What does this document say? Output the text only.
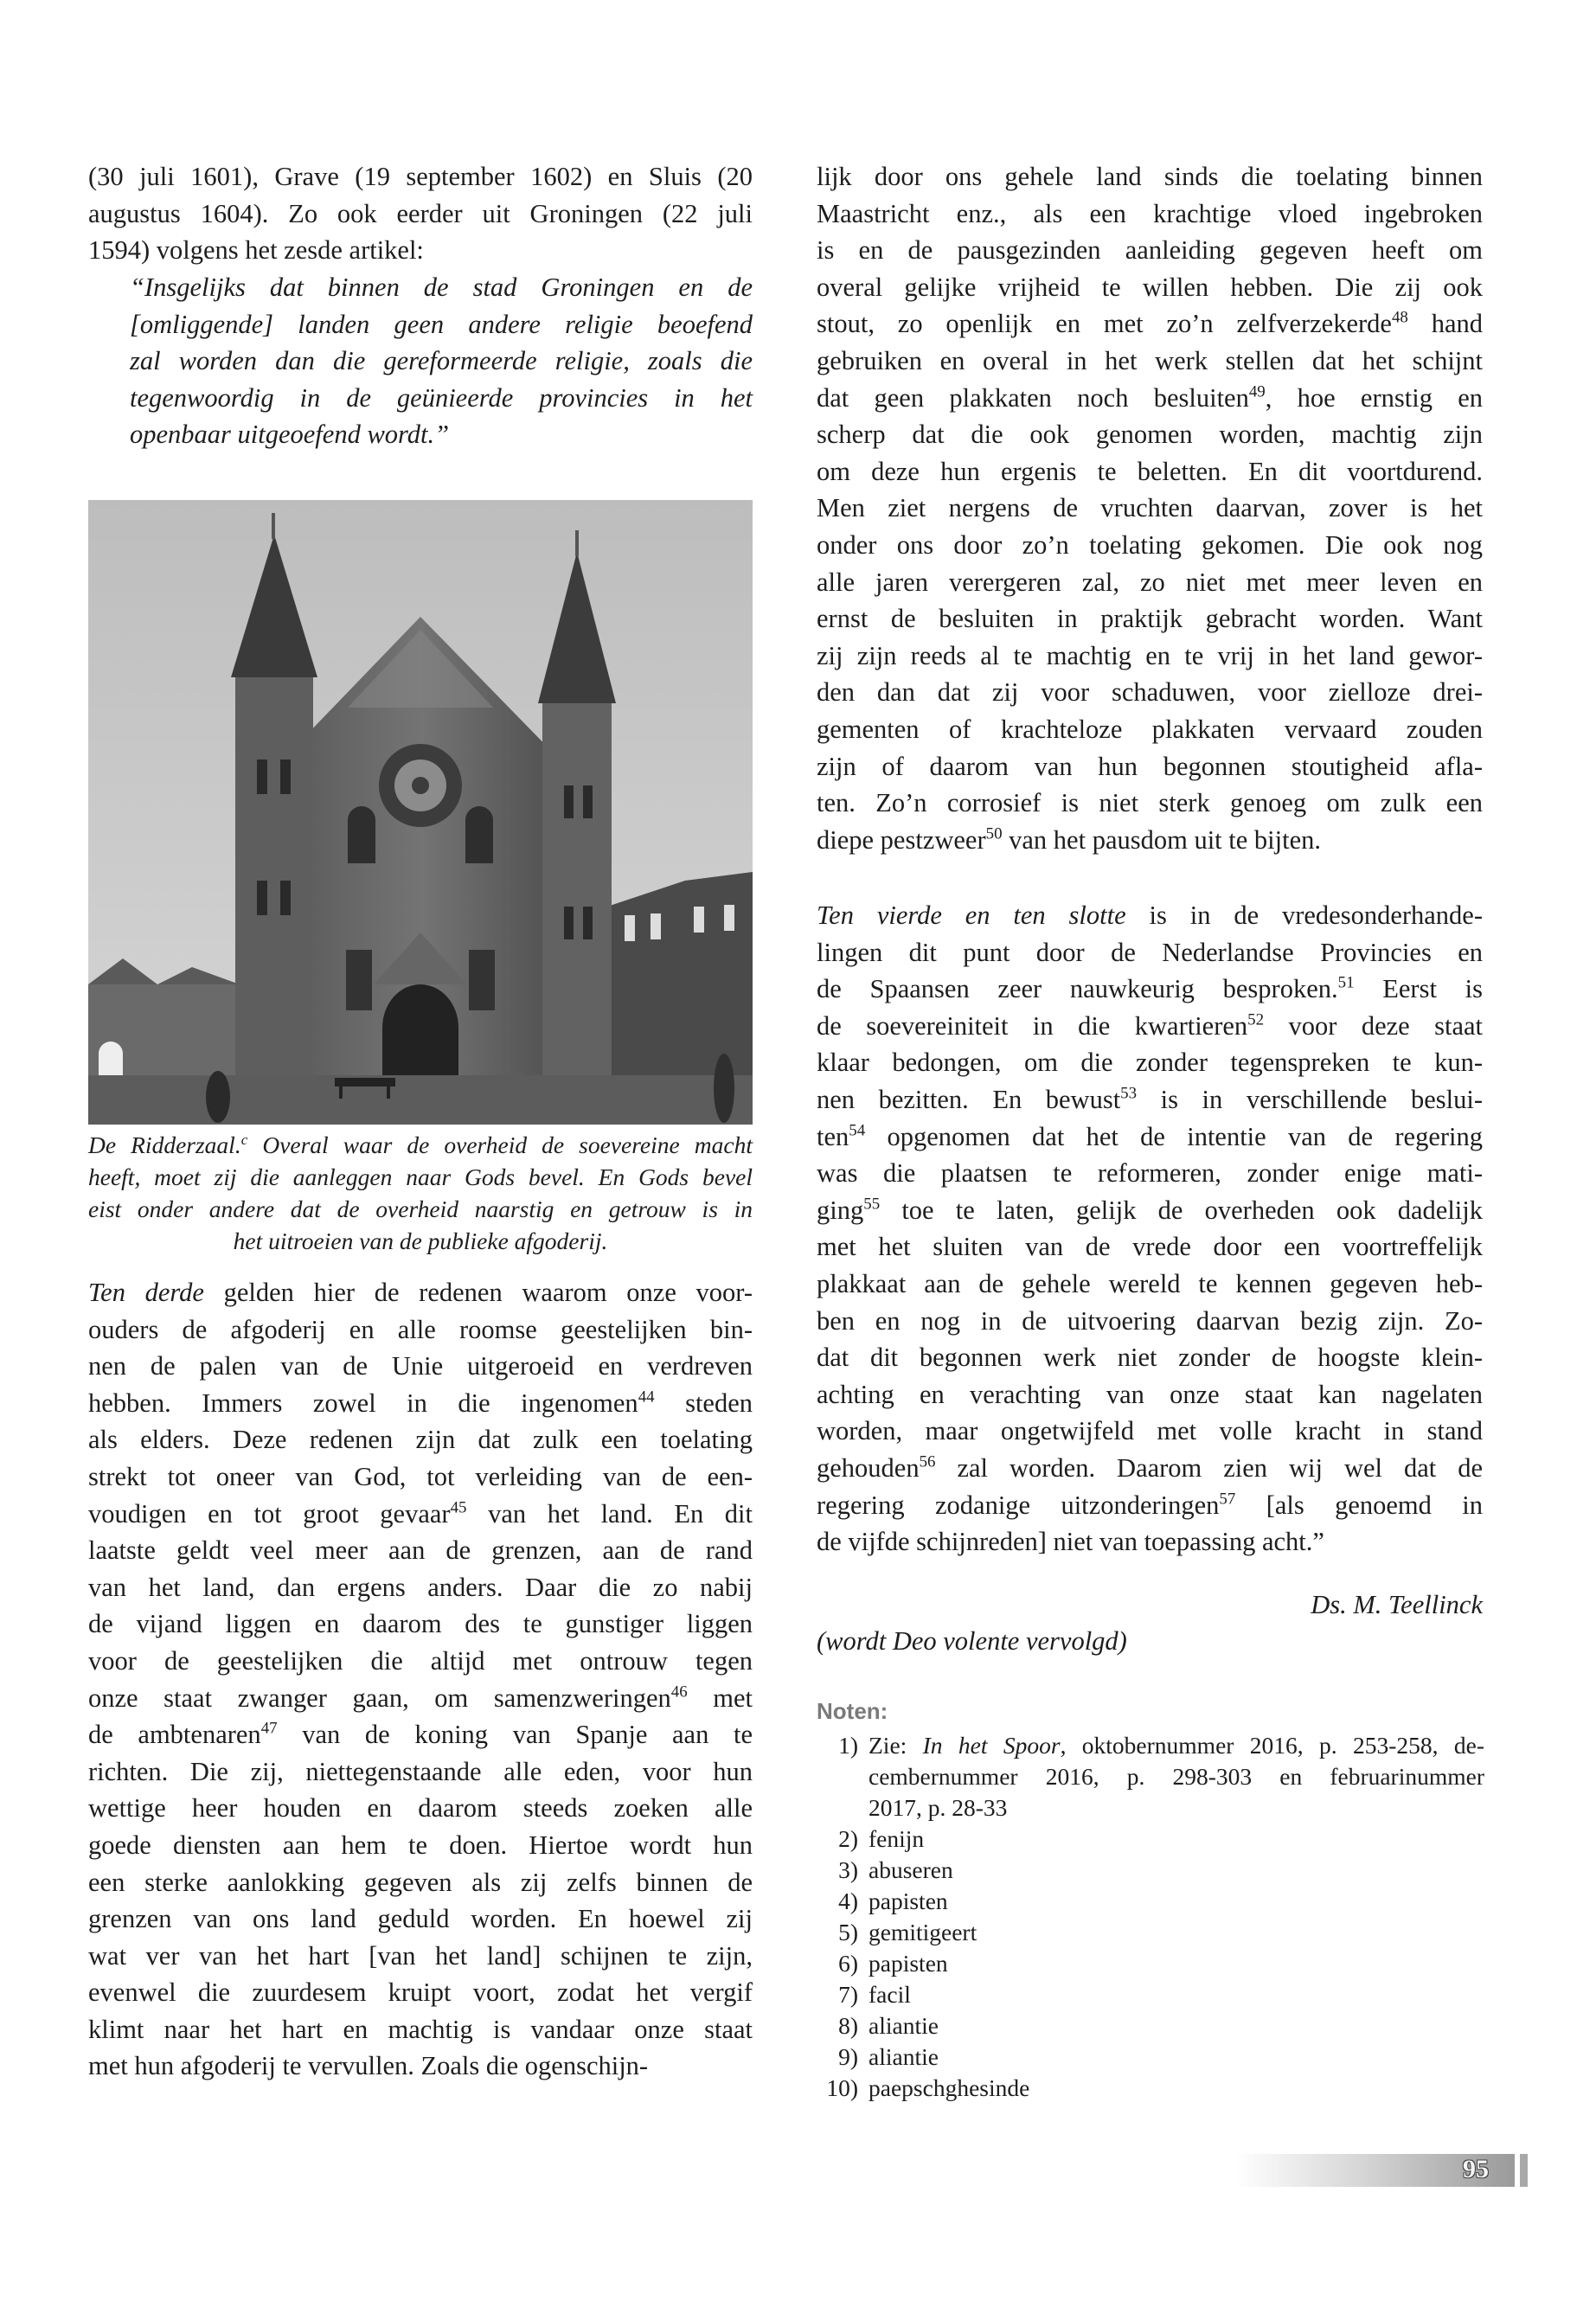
(30 juli 1601), Grave (19 september 1602) en Sluis (20
augustus 1604). Zo ook eerder uit Groningen (22 juli
1594) volgens het zesde artikel:
“Insgelijks dat binnen de stad Groningen en de
[omliggende] landen geen andere religie beoefend
zal worden dan die gereformeerde religie, zoals die
tegenwoordig in de geünieerde provincies in het
openbaar uitgeoefend wordt.”
De Ridderzaal.$^c$ Overal waar de overheid de soevereine macht
heeft, moet zij die aanleggen naar Gods bevel. En Gods bevel
eist onder andere dat de overheid naarstig en getrouw is in
het uitroeien van de publieke afgoderij.
Ten derde gelden hier de redenen waarom onze voor-
ouders de afgoderij en alle roomse geestelijken bin-
nen de palen van de Unie uitgeroeid en verdreven
hebben. Immers zowel in die ingenomen$^{44}$ steden
als elders. Deze redenen zijn dat zulk een toelating
strekt tot oneer van God, tot verleiding van de een-
voudigen en tot groot gevaar$^{45}$ van het land. En dit
laatste geldt veel meer aan de grenzen, aan de rand
van het land, dan ergens anders. Daar die zo nabij
de vijand liggen en daarom des te gunstiger liggen
voor de geestelijken die altijd met ontrouw tegen
onze staat zwanger gaan, om samenzweringen$^{46}$ met
de ambtenaren$^{47}$ van de koning van Spanje aan te
richten. Die zij, niettegenstaande alle eden, voor hun
wettige heer houden en daarom steeds zoeken alle
goede diensten aan hem te doen. Hiertoe wordt hun
een sterke aanlokking gegeven als zij zelfs binnen de
grenzen van ons land geduld worden. En hoewel zij
wat ver van het hart [van het land] schijnen te zijn,
evenwel die zuurdesem kruipt voort, zodat het vergif
klimt naar het hart en machtig is vandaar onze staat
met hun afgoderij te vervullen. Zoals die ogenschijn-
lijk door ons gehele land sinds die toelating binnen
Maastricht enz., als een krachtige vloed ingebroken
is en de pausgezinden aanleiding gegeven heeft om
overal gelijke vrijheid te willen hebben. Die zij ook
stout, zo openlijk en met zo’n zelfverzekerde$^{48}$ hand
gebruiken en overal in het werk stellen dat het schijnt
dat geen plakkaten noch besluiten$^{49}$, hoe ernstig en
scherp dat die ook genomen worden, machtig zijn
om deze hun ergenis te beletten. En dit voortdurend.
Men ziet nergens de vruchten daarvan, zover is het
onder ons door zo’n toelating gekomen. Die ook nog
alle jaren verergeren zal, zo niet met meer leven en
ernst de besluiten in praktijk gebracht worden. Want
zij zijn reeds al te machtig en te vrij in het land gewor-
den dan dat zij voor schaduwen, voor zielloze drei-
gementen of krachteloze plakkaten vervaard zouden
zijn of daarom van hun begonnen stoutigheid afla-
ten. Zo’n corrosief is niet sterk genoeg om zulk een
diepe pestzweer$^{50}$ van het pausdom uit te bijten.
Ten vierde en ten slotte is in de vredesonderhande-
lingen dit punt door de Nederlandse Provincies en
de Spaansen zeer nauwkeurig besproken.$^{51}$ Eerst is
de soevereiniteit in die kwartieren$^{52}$ voor deze staat
klaar bedongen, om die zonder tegenspreken te kun-
nen bezitten. En bewust$^{53}$ is in verschillende beslui-
ten$^{54}$ opgenomen dat het de intentie van de regering
was die plaatsen te reformeren, zonder enige mati-
ging$^{55}$ toe te laten, gelijk de overheden ook dadelijk
met het sluiten van de vrede door een voortreffelijk
plakkaat aan de gehele wereld te kennen gegeven heb-
ben en nog in de uitvoering daarvan bezig zijn. Zo-
dat dit begonnen werk niet zonder de hoogste klein-
achting en verachting van onze staat kan nagelaten
worden, maar ongetwijfeld met volle kracht in stand
gehouden$^{56}$ zal worden. Daarom zien wij wel dat de
regering zodanige uitzonderingen$^{57}$ [als genoemd in
de vijfde schijnreden] niet van toepassing acht.”
Ds. M. Teellinck
(wordt Deo volente vervolgd)
Noten:
1) Zie: In het Spoor, oktobernummer 2016, p. 253-258, de-
cembernummer 2016, p. 298-303 en februarinummer
2017, p. 28-33
2) fenijn
3) abuseren
4) papisten
5) gemitigeert
6) papisten
7) facil
8) aliantie
9) aliantie
10) paepschghesinde
95
